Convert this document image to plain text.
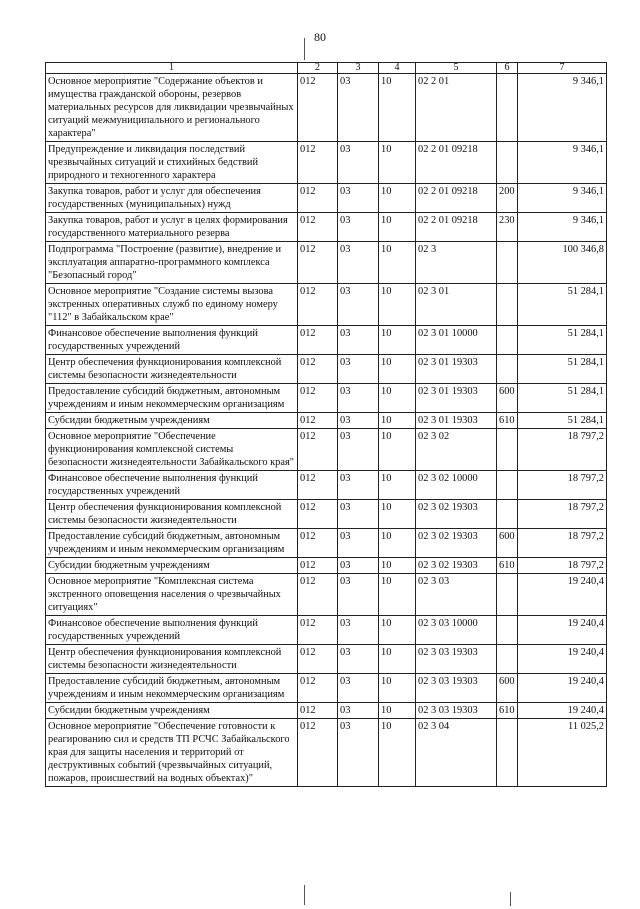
80
1	2	3	4	5	6	7
Основное мероприятие "Содержание объектов и имущества гражданской обороны, резервов материальных ресурсов для ликвидации чрезвычайных ситуаций межмуниципального и регионального характера"	012	03	10	02 2 01		9 346,1
Предупреждение и ликвидация последствий чрезвычайных ситуаций и стихийных бедствий природного и техногенного характера	012	03	10	02 2 01 09218		9 346,1
Закупка товаров, работ и услуг для обеспечения государственных (муниципальных) нужд	012	03	10	02 2 01 09218	200	9 346,1
Закупка товаров, работ и услуг в целях формирования государственного материального резерва	012	03	10	02 2 01 09218	230	9 346,1
Подпрограмма "Построение (развитие), внедрение и эксплуатация аппаратно-программного комплекса "Безопасный город"	012	03	10	02 3		100 346,8
Основное мероприятие "Создание системы вызова экстренных оперативных служб по единому номеру "112" в Забайкальском крае"	012	03	10	02 3 01		51 284,1
Финансовое обеспечение выполнения функций государственных учреждений	012	03	10	02 3 01 10000		51 284,1
Центр обеспечения функционирования комплексной системы безопасности жизнедеятельности	012	03	10	02 3 01 19303		51 284,1
Предоставление субсидий бюджетным, автономным учреждениям и иным некоммерческим организациям	012	03	10	02 3 01 19303	600	51 284,1
Субсидии бюджетным учреждениям	012	03	10	02 3 01 19303	610	51 284,1
Основное мероприятие "Обеспечение функционирования комплексной системы безопасности жизнедеятельности Забайкальского края"	012	03	10	02 3 02		18 797,2
Финансовое обеспечение выполнения функций государственных учреждений	012	03	10	02 3 02 10000		18 797,2
Центр обеспечения функционирования комплексной системы безопасности жизнедеятельности	012	03	10	02 3 02 19303		18 797,2
Предоставление субсидий бюджетным, автономным учреждениям и иным некоммерческим организациям	012	03	10	02 3 02 19303	600	18 797,2
Субсидии бюджетным учреждениям	012	03	10	02 3 02 19303	610	18 797,2
Основное мероприятие "Комплексная система экстренного оповещения населения о чрезвычайных ситуациях"	012	03	10	02 3 03		19 240,4
Финансовое обеспечение выполнения функций государственных учреждений	012	03	10	02 3 03 10000		19 240,4
Центр обеспечения функционирования комплексной системы безопасности жизнедеятельности	012	03	10	02 3 03 19303		19 240,4
Предоставление субсидий бюджетным, автономным учреждениям и иным некоммерческим организациям	012	03	10	02 3 03 19303	600	19 240,4
Субсидии бюджетным учреждениям	012	03	10	02 3 03 19303	610	19 240,4
Основное мероприятие "Обеспечение готовности к реагированию сил и средств ТП РСЧС Забайкальского края для защиты населения и территорий от деструктивных событий (чрезвычайных ситуаций, пожаров, происшествий на водных объектах)"	012	03	10	02 3 04		11 025,2
